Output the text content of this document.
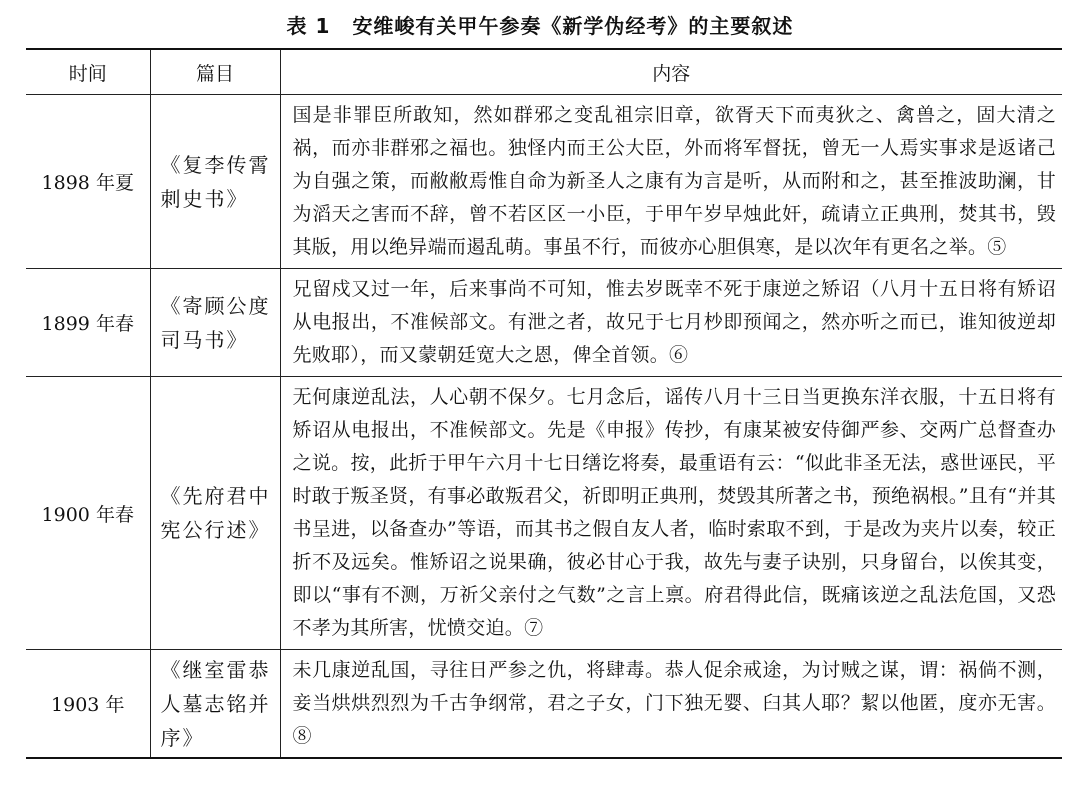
表 1 安维峻有关甲午参奏《新学伪经考》的主要叙述
时间	篇目	内容
1898 年夏	《复李传霄刺史书》	国是非罪臣所敢知，然如群邪之变乱祖宗旧章，欲胥天下而夷狄之、禽兽之，固大清之祸，而亦非群邪之福也。独怪内而王公大臣，外而将军督抚，曾无一人焉实事求是返诸己为自强之策，而敝敝焉惟自命为新圣人之康有为言是听，从而附和之，甚至推波助澜，甘为滔天之害而不辞，曾不若区区一小臣，于甲午岁早烛此奸，疏请立正典刑，焚其书，毁其版，用以绝异端而遏乱萌。事虽不行，而彼亦心胆俱寒，是以次年有更名之举。⑤
1899 年春	《寄顾公度司马书》	兄留戍又过一年，后来事尚不可知，惟去岁既幸不死于康逆之矫诏（八月十五日将有矫诏从电报出，不准候部文。有泄之者，故兄于七月杪即预闻之，然亦听之而已，谁知彼逆却先败耶），而又蒙朝廷宽大之恩，俾全首领。⑥
1900 年春	《先府君中宪公行述》	无何康逆乱法，人心朝不保夕。七月念后，谣传八月十三日当更换东洋衣服，十五日将有矫诏从电报出，不准候部文。先是《申报》传抄，有康某被安侍御严参、交两广总督查办之说。按，此折于甲午六月十七日缮讫将奏，最重语有云：“似此非圣无法，惑世诬民，平时敢于叛圣贤，有事必敢叛君父，祈即明正典刑，焚毁其所著之书，预绝祸根。”且有“并其书呈进，以备查办”等语，而其书之假自友人者，临时索取不到，于是改为夹片以奏，较正折不及远矣。惟矫诏之说果确，彼必甘心于我，故先与妻子诀别，只身留台，以俟其变，即以“事有不测，万祈父亲付之气数”之言上禀。府君得此信，既痛该逆之乱法危国，又恐不孝为其所害，忧愤交迫。⑦
1903 年	《继室雷恭人墓志铭并序》	未几康逆乱国，寻往日严参之仇，将肆毒。恭人促余戒途，为讨贼之谋，谓：祸倘不测，妾当烘烘烈烈为千古争纲常，君之子女，门下独无婴、臼其人耶？絜以他匿，度亦无害。⑧
